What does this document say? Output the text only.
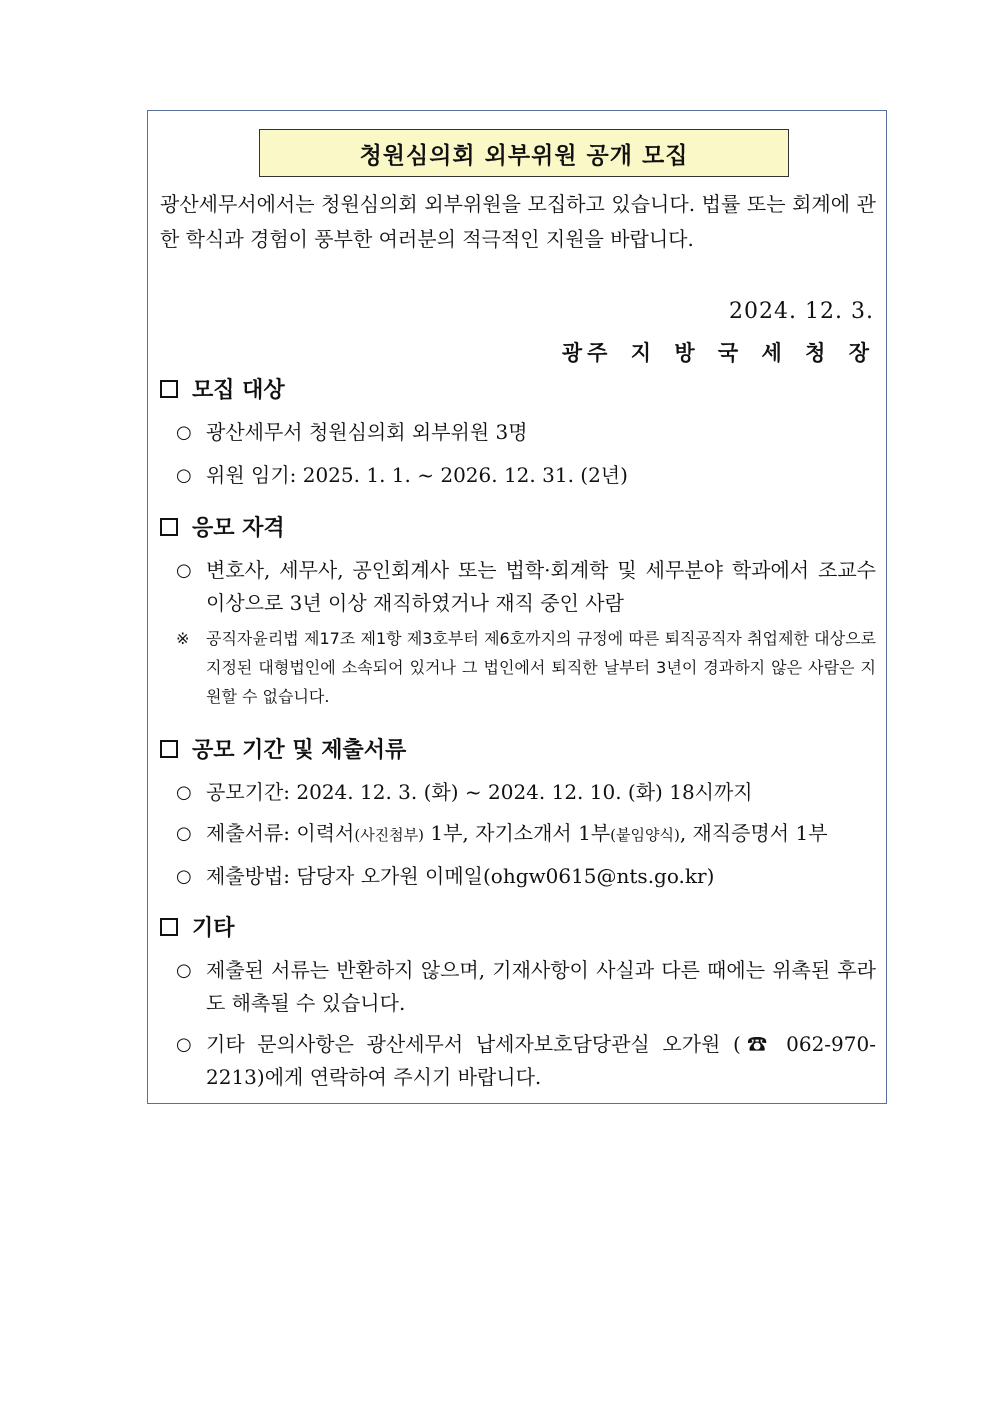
청원심의회 외부위원 공개 모집
광산세무서에서는 청원심의회 외부위원을 모집하고 있습니다. 법률 또는 회계에 관한 학식과 경험이 풍부한 여러분의 적극적인 지원을 바랍니다.
2024. 12. 3.
광주 지 방 국 세 청 장
모집 대상
○ 광산세무서 청원심의회 외부위원 3명
○ 위원 임기: 2025. 1. 1. ~ 2026. 12. 31. (2년)
응모 자격
○ 변호사, 세무사, 공인회계사 또는 법학·회계학 및 세무분야 학과에서 조교수 이상으로 3년 이상 재직하였거나 재직 중인 사람
※ 공직자윤리법 제17조 제1항 제3호부터 제6호까지의 규정에 따른 퇴직공직자 취업제한 대상으로 지정된 대형법인에 소속되어 있거나 그 법인에서 퇴직한 날부터 3년이 경과하지 않은 사람은 지원할 수 없습니다.
공모 기간 및 제출서류
○ 공모기간: 2024. 12. 3. (화) ~ 2024. 12. 10. (화) 18시까지
○ 제출서류: 이력서(사진첨부) 1부, 자기소개서 1부(붙임양식), 재직증명서 1부
○ 제출방법: 담당자 오가원 이메일(ohgw0615@nts.go.kr)
기타
○ 제출된 서류는 반환하지 않으며, 기재사항이 사실과 다른 때에는 위촉된 후라도 해촉될 수 있습니다.
○ 기타 문의사항은 광산세무서 납세자보호담당관실 오가원 (☎ 062-970-2213)에게 연락하여 주시기 바랍니다.
